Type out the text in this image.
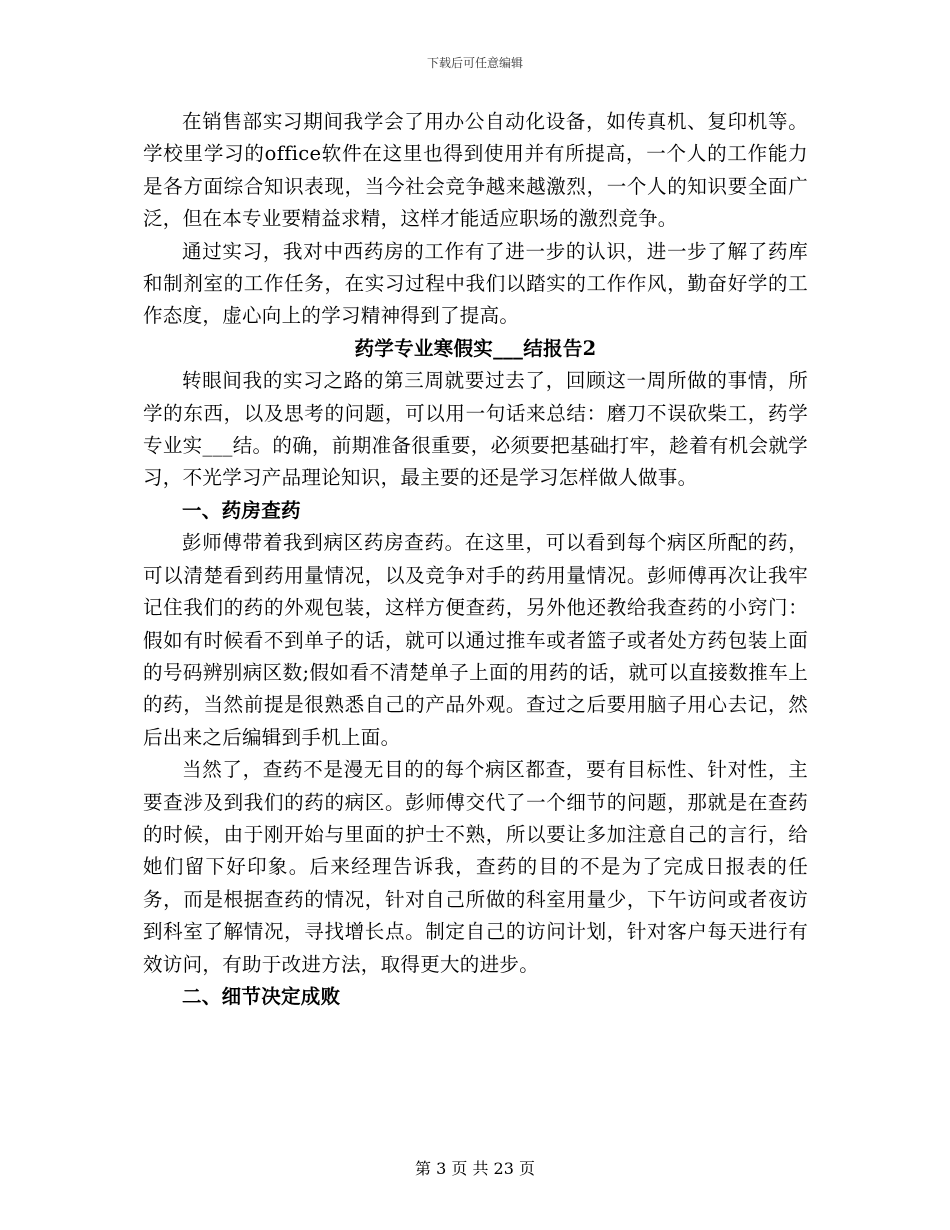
下载后可任意编辑

在销售部实习期间我学会了用办公自动化设备，如传真机、复印机等。学校里学习的office软件在这里也得到使用并有所提高，一个人的工作能力是各方面综合知识表现，当今社会竞争越来越激烈，一个人的知识要全面广泛，但在本专业要精益求精，这样才能适应职场的激烈竞争。

通过实习，我对中西药房的工作有了进一步的认识，进一步了解了药库和制剂室的工作任务，在实习过程中我们以踏实的工作作风，勤奋好学的工作态度，虚心向上的学习精神得到了提高。

药学专业寒假实___结报告2

转眼间我的实习之路的第三周就要过去了，回顾这一周所做的事情，所学的东西，以及思考的问题，可以用一句话来总结：磨刀不误砍柴工，药学专业实___结。的确，前期准备很重要，必须要把基础打牢，趁着有机会就学习，不光学习产品理论知识，最主要的还是学习怎样做人做事。

一、药房查药

彭师傅带着我到病区药房查药。在这里，可以看到每个病区所配的药，可以清楚看到药用量情况，以及竞争对手的药用量情况。彭师傅再次让我牢记住我们的药的外观包装，这样方便查药，另外他还教给我查药的小窍门：假如有时候看不到单子的话，就可以通过推车或者篮子或者处方药包装上面的号码辨别病区数;假如看不清楚单子上面的用药的话，就可以直接数推车上的药，当然前提是很熟悉自己的产品外观。查过之后要用脑子用心去记，然后出来之后编辑到手机上面。

当然了，查药不是漫无目的的每个病区都查，要有目标性、针对性，主要查涉及到我们的药的病区。彭师傅交代了一个细节的问题，那就是在查药的时候，由于刚开始与里面的护士不熟，所以要让多加注意自己的言行，给她们留下好印象。后来经理告诉我，查药的目的不是为了完成日报表的任务，而是根据查药的情况，针对自己所做的科室用量少，下午访问或者夜访到科室了解情况，寻找增长点。制定自己的访问计划，针对客户每天进行有效访问，有助于改进方法，取得更大的进步。

二、细节决定成败

第 3 页 共 23 页
